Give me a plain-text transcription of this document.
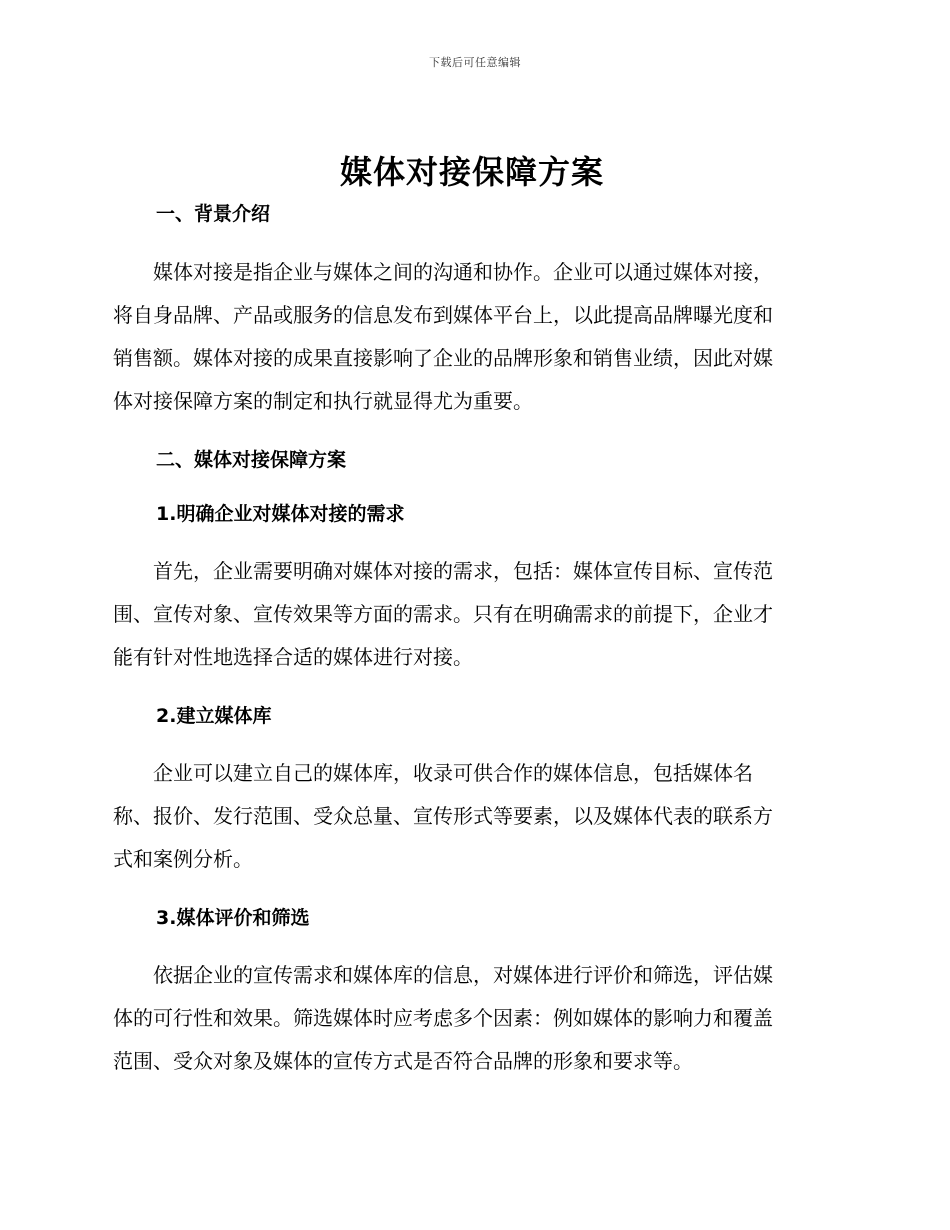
下载后可任意编辑
媒体对接保障方案
一、背景介绍
媒体对接是指企业与媒体之间的沟通和协作。企业可以通过媒体对接，
将自身品牌、产品或服务的信息发布到媒体平台上，以此提高品牌曝光度和
销售额。媒体对接的成果直接影响了企业的品牌形象和销售业绩，因此对媒
体对接保障方案的制定和执行就显得尤为重要。
二、媒体对接保障方案
1.明确企业对媒体对接的需求
首先，企业需要明确对媒体对接的需求，包括：媒体宣传目标、宣传范
围、宣传对象、宣传效果等方面的需求。只有在明确需求的前提下，企业才
能有针对性地选择合适的媒体进行对接。
2.建立媒体库
企业可以建立自己的媒体库，收录可供合作的媒体信息，包括媒体名
称、报价、发行范围、受众总量、宣传形式等要素，以及媒体代表的联系方
式和案例分析。
3.媒体评价和筛选
依据企业的宣传需求和媒体库的信息，对媒体进行评价和筛选，评估媒
体的可行性和效果。筛选媒体时应考虑多个因素：例如媒体的影响力和覆盖
范围、受众对象及媒体的宣传方式是否符合品牌的形象和要求等。
